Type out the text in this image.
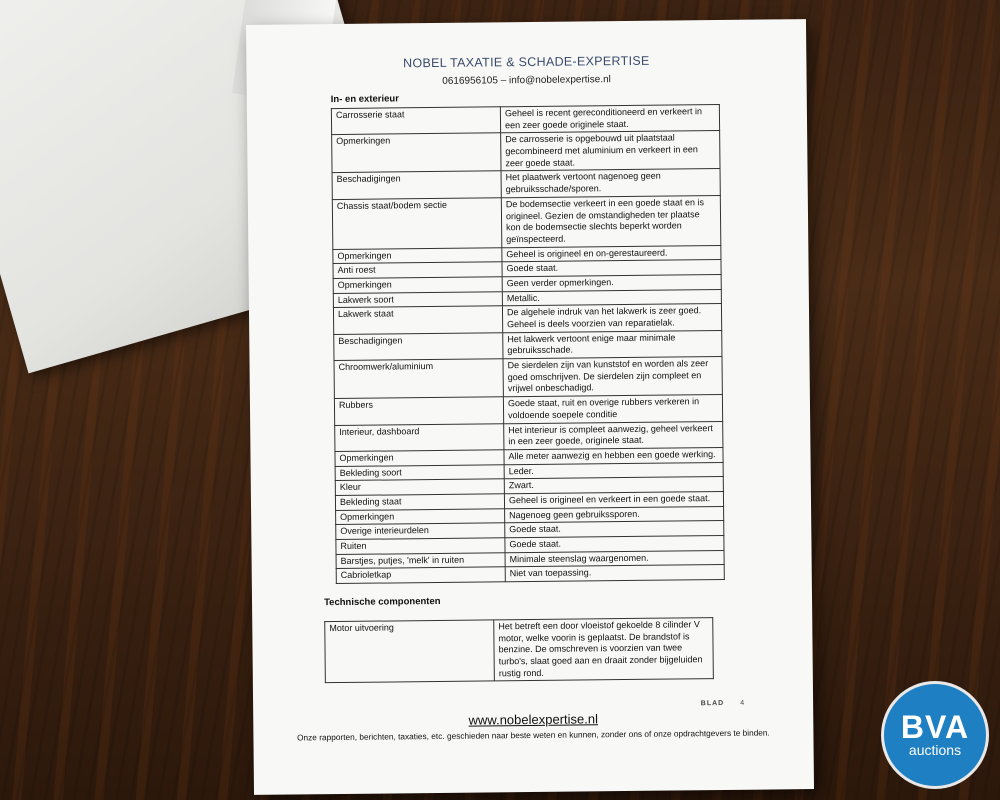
NOBEL TAXATIE & SCHADE-EXPERTISE
0616956105 – info@nobelexpertise.nl
In- en exterieur
Carrosserie staat	Geheel is recent gereconditioneerd en verkeert in een zeer goede originele staat.
Opmerkingen	De carrosserie is opgebouwd uit plaatstaal gecombineerd met aluminium en verkeert in een zeer goede staat.
Beschadigingen	Het plaatwerk vertoont nagenoeg geen gebruiksschade/sporen.
Chassis staat/bodem sectie	De bodemsectie verkeert in een goede staat en is origineel. Gezien de omstandigheden ter plaatse kon de bodemsectie slechts beperkt worden geïnspecteerd.
Opmerkingen	Geheel is origineel en on-gerestaureerd.
Anti roest	Goede staat.
Opmerkingen	Geen verder opmerkingen.
Lakwerk soort	Metallic.
Lakwerk staat	De algehele indruk van het lakwerk is zeer goed. Geheel is deels voorzien van reparatielak.
Beschadigingen	Het lakwerk vertoont enige maar minimale gebruiksschade.
Chroomwerk/aluminium	De sierdelen zijn van kunststof en worden als zeer goed omschrijven. De sierdelen zijn compleet en vrijwel onbeschadigd.
Rubbers	Goede staat, ruit en overige rubbers verkeren in voldoende soepele conditie
Interieur, dashboard	Het interieur is compleet aanwezig, geheel verkeert in een zeer goede, originele staat.
Opmerkingen	Alle meter aanwezig en hebben een goede werking.
Bekleding soort	Leder.
Kleur	Zwart.
Bekleding staat	Geheel is origineel en verkeert in een goede staat.
Opmerkingen	Nagenoeg geen gebruikssporen.
Overige interieurdelen	Goede staat.
Ruiten	Goede staat.
Barstjes, putjes, 'melk' in ruiten	Minimale steenslag waargenomen.
Cabrioletkap	Niet van toepassing.
Technische componenten
Motor uitvoering	Het betreft een door vloeistof gekoelde 8 cilinder V motor, welke voorin is geplaatst. De brandstof is benzine. De omschreven is voorzien van twee turbo's, slaat goed aan en draait zonder bijgeluiden rustig rond.
BLAD 4
www.nobelexpertise.nl
Onze rapporten, berichten, taxaties, etc. geschieden naar beste weten en kunnen, zonder ons of onze opdrachtgevers te binden.	BVA
auctions
